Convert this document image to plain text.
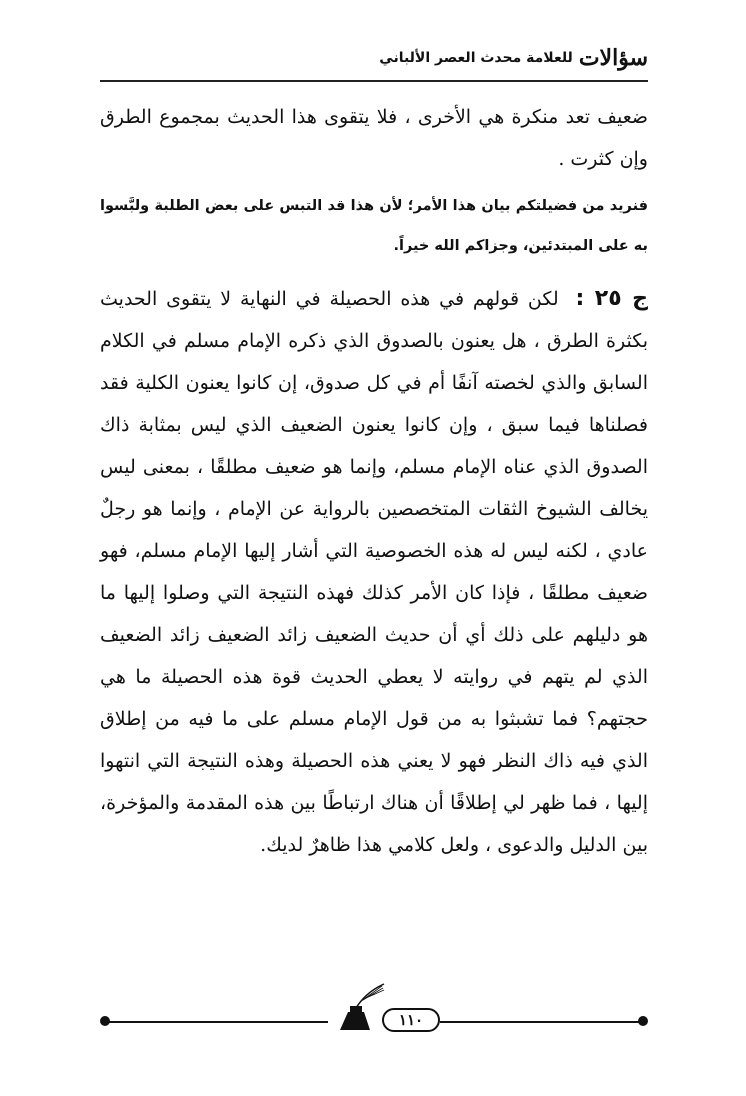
سؤالات
للعلامة محدث العصر الألباني

ضعيف تعد منكرة هي الأخرى ، فلا يتقوى هذا الحديث بمجموع الطرق وإن كثرت .

فنريد من فضيلتكم بيان هذا الأمر؛ لأن هذا قد التبس على بعض الطلبة ولبَّسوا به على المبتدئين، وجزاكم الله خيراً.

ج ٢٥ : لكن قولهم في هذه الحصيلة في النهاية لا يتقوى الحديث بكثرة الطرق ، هل يعنون بالصدوق الذي ذكره الإمام مسلم في الكلام السابق والذي لخصته آنفًا أم في كل صدوق، إن كانوا يعنون الكلية فقد فصلناها فيما سبق ، وإن كانوا يعنون الضعيف الذي ليس بمثابة ذاك الصدوق الذي عناه الإمام مسلم، وإنما هو ضعيف مطلقًا ، بمعنى ليس يخالف الشيوخ الثقات المتخصصين بالرواية عن الإمام ، وإنما هو رجلٌ عادي ، لكنه ليس له هذه الخصوصية التي أشار إليها الإمام مسلم، فهو ضعيف مطلقًا ، فإذا كان الأمر كذلك فهذه النتيجة التي وصلوا إليها ما هو دليلهم على ذلك أي أن حديث الضعيف زائد الضعيف زائد الضعيف الذي لم يتهم في روايته لا يعطي الحديث قوة هذه الحصيلة ما هي حجتهم؟ فما تشبثوا به من قول الإمام مسلم على ما فيه من إطلاق الذي فيه ذاك النظر فهو لا يعني هذه الحصيلة وهذه النتيجة التي انتهوا إليها ، فما ظهر لي إطلاقًا أن هناك ارتباطًا بين هذه المقدمة والمؤخرة، بين الدليل والدعوى ، ولعل كلامي هذا ظاهرٌ لديك.

١١٠
